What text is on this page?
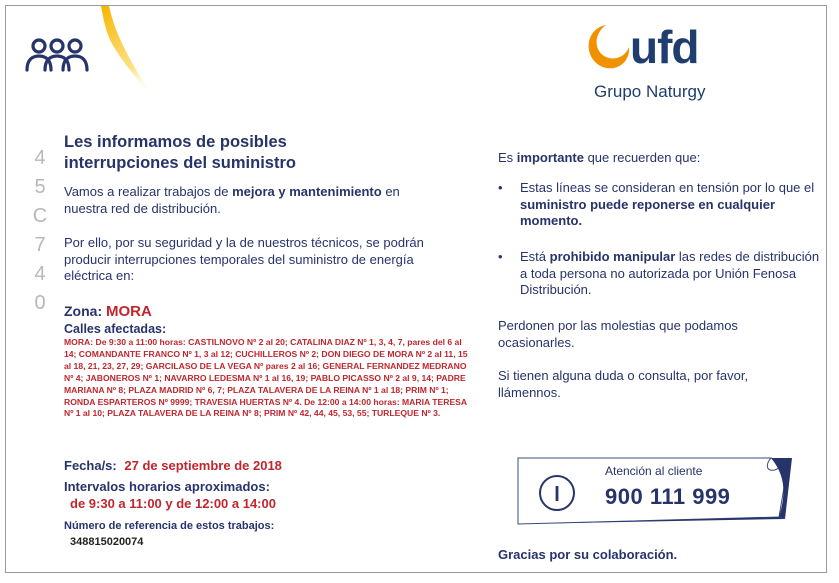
ufd
Grupo Naturgy
4
5
C
7
4
0
Les informamos de posibles interrupciones del suministro
Vamos a realizar trabajos de mejora y mantenimiento en nuestra red de distribución.
Por ello, por su seguridad y la de nuestros técnicos, se podrán producir interrupciones temporales del suministro de energía eléctrica en:
Zona: MORA
Calles afectadas:
MORA: De 9:30 a 11:00 horas: CASTILNOVO Nº 2 al 20; CATALINA DIAZ Nº 1, 3, 4, 7, pares del 6 al 14; COMANDANTE FRANCO Nº 1, 3 al 12; CUCHILLEROS Nº 2; DON DIEGO DE MORA Nº 2 al 11, 15 al 18, 21, 23, 27, 29; GARCILASO DE LA VEGA Nº pares 2 al 16; GENERAL FERNANDEZ MEDRANO Nº 4; JABONEROS Nº 1; NAVARRO LEDESMA Nº 1 al 16, 19; PABLO PICASSO Nº 2 al 9, 14; PADRE MARIANA Nº 8; PLAZA MADRID Nº 6, 7; PLAZA TALAVERA DE LA REINA Nº 1 al 18; PRIM Nº 1; RONDA ESPARTEROS Nº 9999; TRAVESIA HUERTAS Nº 4. De 12:00 a 14:00 horas: MARIA TERESA Nº 1 al 10; PLAZA TALAVERA DE LA REINA Nº 8; PRIM Nº 42, 44, 45, 53, 55; TURLEQUE Nº 3.
Fecha/s: 27 de septiembre de 2018
Intervalos horarios aproximados:
de 9:30 a 11:00 y de 12:00 a 14:00
Número de referencia de estos trabajos:
348815020074
Es importante que recuerden que:
• Estas líneas se consideran en tensión por lo que el suministro puede reponerse en cualquier momento.
• Está prohibido manipular las redes de distribución a toda persona no autorizada por Unión Fenosa Distribución.
Perdonen por las molestias que podamos ocasionarles.
Si tienen alguna duda o consulta, por favor, llámennos.
Atención al cliente
900 111 999
Gracias por su colaboración.
